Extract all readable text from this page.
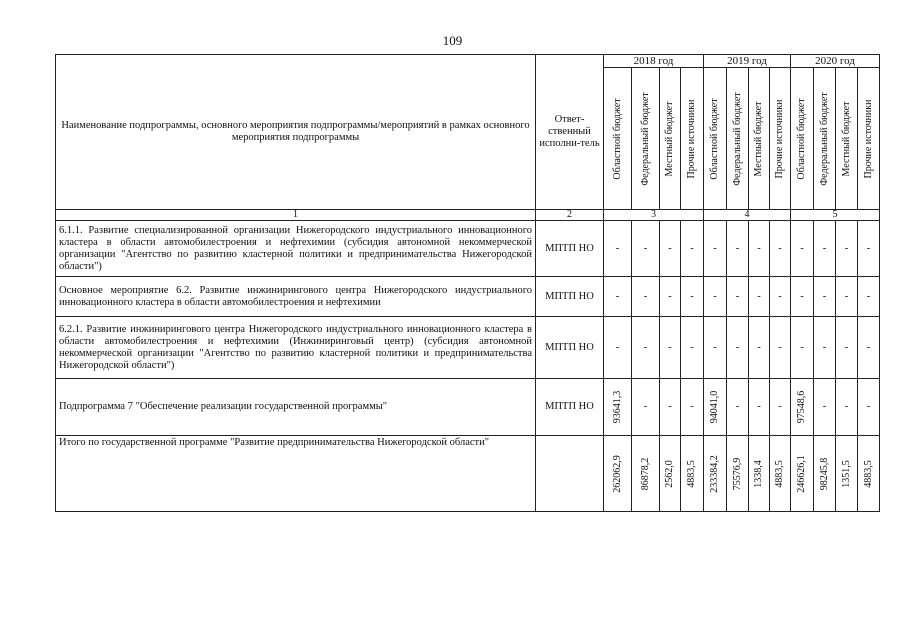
109
Наименование подпрограммы, основного мероприятия подпрограммы/мероприятий в рамках основного мероприятия подпрограммы	Ответ-ственный исполни-тель	2018 год				2019 год				2020 год			

		Областной бюджет	Федеральный бюджет	Местный бюджет	Прочие источники	Областной бюджет	Федеральный бюджет	Местный бюджет	Прочие источники	Областной бюджет	Федеральный бюджет	Местный бюджет	Прочие источники

1	2	3				4				5			
6.1.1. Развитие специализированной организации Нижегородского индустриального инновационного кластера в области автомобилестроения и нефтехимии (субсидия автономной некоммерческой организации "Агентство по развитию кластерной политики и предпринимательства Нижегородской области")	МПТП НО	-	-	-	-	-	-	-	-	-	-	-	-
Основное мероприятие 6.2. Развитие инжинирингового центра Нижегородского индустриального инновационного кластера в области автомобилестроения и нефтехимии	МПТП НО	-	-	-	-	-	-	-	-	-	-	-	-
6.2.1. Развитие инжинирингового центра Нижегородского индустриального инновационного кластера в области автомобилестроения и нефтехимии (Инжиниринговый центр) (субсидия автономной некоммерческой организации "Агентство по развитию кластерной политики и предпринимательства Нижегородской области")	МПТП НО	-	-	-	-	-	-	-	-	-	-	-	-
Подпрограмма 7 "Обеспечение реализации государственной программы"	МПТП НО	93641,3	-	-	-	94041,0	-	-	-	97548,6	-	-	-
Итого по государственной программе "Развитие предпринимательства Нижегородской области"		262062,9	86878,2	2562,0	4883,5	233384,2	75576,9	1338,4	4883,5	246626,1	98245,8	1351,5	4883,5
